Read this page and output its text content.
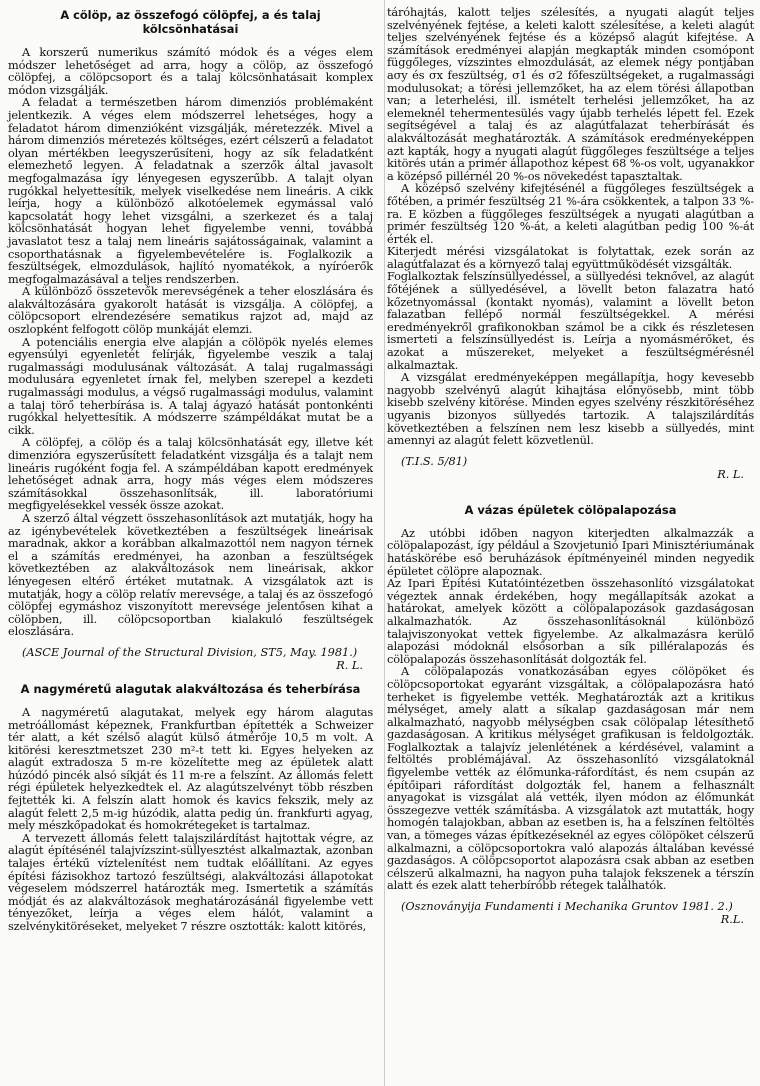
A cölöp, az összefogó cölöpfej, a és talaj
kölcsönhatásai

A korszerű numerikus számító módok és a véges elem módszer lehetőséget ad arra, hogy a cölöp, az összefogó cölöpfej, a cölöpcsoport és a talaj kölcsönhatásait komplex módon vizsgálják.

A feladat a természetben három dimenziós problémaként jelentkezik. A véges elem módszerrel lehetséges, hogy a feladatot három dimenzióként vizsgálják, méretezzék. Mivel a három dimenziós méretezés költséges, ezért célszerű a feladatot olyan mértékben leegyszerűsíteni, hogy az sík feladatként elemezhető legyen. A feladatnak a szerzők által javasolt megfogalmazása így lényegesen egyszerűbb. A talajt olyan rugókkal helyettesítik, melyek viselkedése nem lineáris. A cikk leírja, hogy a különböző alkotóelemek egymással való kapcsolatát hogy lehet vizsgálni, a szerkezet és a talaj kölcsönhatását hogyan lehet figyelembe venni, továbbá javaslatot tesz a talaj nem lineáris sajátosságainak, valamint a csoporthatásnak a figyelembevételére is. Foglalkozik a feszültségek, elmozdulások, hajlító nyomatékok, a nyíróerők megfogalmazásával a teljes rendszerben.

A különböző összetevők merevségének a teher eloszlására és alakváltozására gyakorolt hatását is vizsgálja. A cölöpfej, a cölöpcsoport elrendezésére sematikus rajzot ad, majd az oszlopként felfogott cölöp munkáját elemzi.

A potenciális energia elve alapján a cölöpök nyelés elemes egyensúlyi egyenletét felírják, figyelembe veszik a talaj rugalmassági modulusának változását. A talaj rugalmassági modulusára egyenletet írnak fel, melyben szerepel a kezdeti rugalmassági modulus, a végső rugalmassági modulus, valamint a talaj törő teherbírása is. A talaj ágyazó hatását pontonkénti rugókkal helyettesítik. A módszerre számpéldákat mutat be a cikk.

A cölöpfej, a cölöp és a talaj kölcsönhatását egy, illetve két dimenzióra egyszerűsített feladatként vizsgálja és a talajt nem lineáris rugóként fogja fel. A számpéldában kapott eredmények lehetőséget adnak arra, hogy más véges elem módszeres számításokkal összehasonlítsák, ill. laboratóriumi megfigyelésekkel vessék össze azokat.

A szerző által végzett összehasonlítások azt mutatják, hogy ha az igénybevételek következtében a feszültségek lineárisak maradnak, akkor a korábban alkalmazottól nem nagyon térnek el a számítás eredményei, ha azonban a feszültségek következtében az alakváltozások nem lineárisak, akkor lényegesen eltérő értéket mutatnak. A vizsgálatok azt is mutatják, hogy a cölöp relatív merevsége, a talaj és az összefogó cölöpfej egymáshoz viszonyított merevsége jelentősen kihat a cölöpben, ill. cölöpcsoportban kialakuló feszültségek eloszlására.

(ASCE Journal of the Structural Division, ST5, May. 1981.)

R. L.

A nagyméretű alagutak alakváltozása és teherbírása

A nagyméretű alagutakat, melyek egy három alagutas metróállomást képeznek, Frankfurtban építették a Schweizer tér alatt, a két szélső alagút külső átmérője 10,5 m volt. A kitörési keresztmetszet 230 m²-t tett ki. Egyes helyeken az alagút extradosza 5 m-re közelítette meg az épületek alatt húzódó pincék alsó síkját és 11 m-re a felszínt. Az állomás felett régi épületek helyezkedtek el. Az alagútszelvényt több részben fejtették ki. A felszín alatt homok és kavics fekszik, mely az alagút felett 2,5 m-ig húzódik, alatta pedig ún. frankfurti agyag, mely mészkőpadokat és homokrétegeket is tartalmaz.

A tervezett állomás felett talajszilárdítást hajtottak végre, az alagút építésénél talajvízszint-süllyesztést alkalmaztak, azonban talajes értékű víztelenítést nem tudtak előállítani. Az egyes építési fázisokhoz tartozó feszültségi, alakváltozási állapotokat végeselem módszerrel határozták meg. Ismertetik a számítás módját és az alakváltozások meghatározásánál figyelembe vett tényezőket, leírja a véges elem hálót, valamint a szelvénykitöréseket, melyeket 7 részre osztották: kalott kitörés,

táróhajtás, kalott teljes szélesítés, a nyugati alagút teljes szelvényének fejtése, a keleti kalott szélesítése, a keleti alagút teljes szelvényének fejtése és a középső alagút kifejtése. A számítások eredményei alapján megkapták minden csomópont függőleges, vízszintes elmozdulását, az elemek négy pontjában aσy és σx feszültség, σ1 és σ2 főfeszültségeket, a rugalmassági modulusokat; a törési jellemzőket, ha az elem törési állapotban van; a leterhelési, ill. ismételt terhelési jellemzőket, ha az elemeknél tehermentesülés vagy újabb terhelés lépett fel. Ezek segítségével a talaj és az alagútfalazat teherbírását és alakváltozását meghatározták. A számítások eredményeképpen azt kapták, hogy a nyugati alagút függőleges feszültsége a teljes kitörés után a primér állapothoz képest 68 %-os volt, ugyanakkor a középső pillérnél 20 %-os növekedést tapasztaltak.

A középső szelvény kifejtésénél a függőleges feszültségek a főtében, a primér feszültség 21 %-ára csökkentek, a talpon 33 %-ra. E közben a függőleges feszültségek a nyugati alagútban a primér feszültség 120 %-át, a keleti alagútban pedig 100 %-át érték el.

Kiterjedt mérési vizsgálatokat is folytattak, ezek során az alagútfalazat és a környező talaj együttműködését vizsgálták.

Foglalkoztak felszínsüllyedéssel, a süllyedési teknővel, az alagút főtéjének a süllyedésével, a lövellt beton falazatra ható kőzetnyomással (kontakt nyomás), valamint a lövellt beton falazatban fellépő normál feszültségekkel. A mérési eredményekről grafikonokban számol be a cikk és részletesen ismerteti a felszínsüllyedést is. Leírja a nyomásmérőket, és azokat a műszereket, melyeket a feszültségmérésnél alkalmaztak.

A vizsgálat eredményeképpen megállapítja, hogy kevesebb nagyobb szelvényű alagút kihajtása előnyösebb, mint több kisebb szelvény kitörése. Minden egyes szelvény részkitöréséhez ugyanis bizonyos süllyedés tartozik. A talajszilárdítás következtében a felszínen nem lesz kisebb a süllyedés, mint amennyi az alagút felett közvetlenül.

(T.I.S. 5/81)

R. L.

A vázas épületek cölöpalapozása

Az utóbbi időben nagyon kiterjedten alkalmazzák a cölöpalapozást, így például a Szovjetunió Ipari Minisztériumának hatáskörébe eső beruházások építményeinél minden negyedik épületet cölöpre alapoznak.

Az Ipari Építési Kutatóintézetben összehasonlító vizsgálatokat végeztek annak érdekében, hogy megállapítsák azokat a határokat, amelyek között a cölöpalapozások gazdaságosan alkalmazhatók. Az összehasonlításoknál különböző talajviszonyokat vettek figyelembe. Az alkalmazásra kerülő alapozási módoknál elsősorban a sík pilléralapozás és cölöpalapozás összehasonlítását dolgozták fel.

A cölöpalapozás vonatkozásában egyes cölöpöket és cölöpcsoportokat egyaránt vizsgáltak, a cölöpalapozásra ható terheket is figyelembe vették. Meghatározták azt a kritikus mélységet, amely alatt a síkalap gazdaságosan már nem alkalmazható, nagyobb mélységben csak cölöpalap létesíthető gazdaságosan. A kritikus mélységet grafikusan is feldolgozták. Foglalkoztak a talajvíz jelenlétének a kérdésével, valamint a feltöltés problémájával. Az összehasonlító vizsgálatoknál figyelembe vették az élőmunka-ráfordítást, és nem csupán az építőipari ráfordítást dolgozták fel, hanem a felhasznált anyagokat is vizsgálat alá vették, ilyen módon az élőmunkát összegezve vették számításba. A vizsgálatok azt mutatták, hogy homogén talajokban, abban az esetben is, ha a felszínen feltöltés van, a tömeges vázas építkezéseknél az egyes cölöpöket célszerű alkalmazni, a cölöpcsoportokra való alapozás általában kevéssé gazdaságos. A cölöpcsoportot alapozásra csak abban az esetben célszerű alkalmazni, ha nagyon puha talajok fekszenek a térszín alatt és ezek alatt teherbíróbb rétegek találhatók.

(Osznoványija Fundamenti i Mechanika Gruntov 1981. 2.)

R.L.
